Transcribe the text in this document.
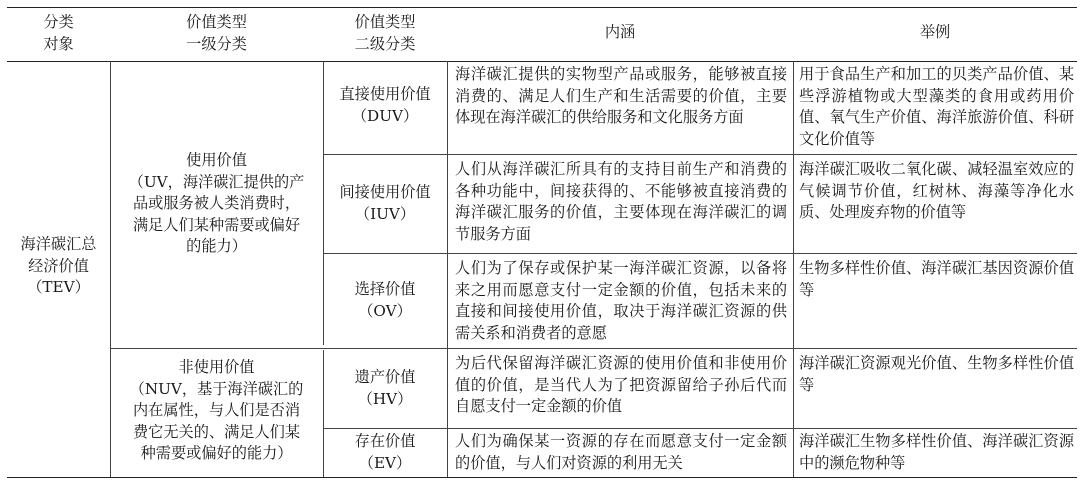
分类
对象
价值类型
一级分类
价值类型
二级分类
内涵	举例
海洋碳汇总
经济价值
（TEV）
使用价值
（UV，海洋碳汇提供的产
品或服务被人类消费时，
满足人们某种需要或偏好
的能力）
非使用价值
（NUV，基于海洋碳汇的
内在属性，与人们是否消
费它无关的、满足人们某
种需要或偏好的能力）
直接使用价值
（DUV）
海洋碳汇提供的实物型产品或服务，能够被直接消费的、满足人们生产和生活需要的价值，主要体现在海洋碳汇的供给服务和文化服务方面
用于食品生产和加工的贝类产品价值、某些浮游植物或大型藻类的食用或药用价值、氧气生产价值、海洋旅游价值、科研文化价值等
间接使用价值
（IUV）
人们从海洋碳汇所具有的支持目前生产和消费的各种功能中，间接获得的、不能够被直接消费的海洋碳汇服务的价值，主要体现在海洋碳汇的调节服务方面
海洋碳汇吸收二氧化碳、减轻温室效应的气候调节价值，红树林、海藻等净化水质、处理废弃物的价值等
选择价值
（OV）
人们为了保存或保护某一海洋碳汇资源，以备将来之用而愿意支付一定金额的价值，包括未来的直接和间接使用价值，取决于海洋碳汇资源的供需关系和消费者的意愿
生物多样性价值、海洋碳汇基因资源价值等
遗产价值
（HV）
为后代保留海洋碳汇资源的使用价值和非使用价值的价值，是当代人为了把资源留给子孙后代而自愿支付一定金额的价值
海洋碳汇资源观光价值、生物多样性价值等
存在价值
（EV）
人们为确保某一资源的存在而愿意支付一定金额的价值，与人们对资源的利用无关
海洋碳汇生物多样性价值、海洋碳汇资源中的濒危物种等
